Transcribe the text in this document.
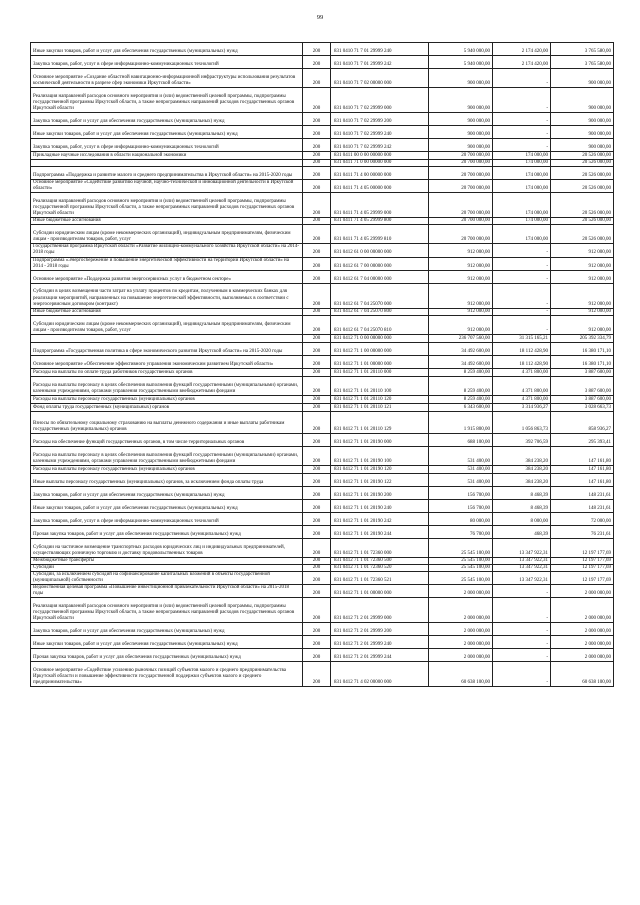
99
Иные закупки товаров, работ и услуг для обеспечения государственных (муниципальных) нужд	200	831 0410 71 7 01 29999 240	5 940 000,00	2 174 420,00	3 765 580,00
Закупка товаров, работ, услуг в сфере информационно-коммуникационных технологий	200	831 0410 71 7 01 29999 242	5 940 000,00	2 174 420,00	3 765 580,00
Основное мероприятие «Создание областной навигационно-информационной инфраструктуры использования результатов космической деятельности в разрезе сфер экономики Иркутской области»	200	831 0410 71 7 02 00000 000	900 000,00	-	900 000,00
Реализация направлений расходов основного мероприятия и (или) ведомственной целевой программы, подпрограммы государственной программы Иркутской области, а также непрограммных направлений расходов государственных органов Иркутской области	200	831 0410 71 7 02 29999 000	900 000,00	-	900 000,00
Закупка товаров, работ и услуг для обеспечения государственных (муниципальных) нужд	200	831 0410 71 7 02 29999 200	900 000,00	-	900 000,00
Иные закупки товаров, работ и услуг для обеспечения государственных (муниципальных) нужд	200	831 0410 71 7 02 29999 240	900 000,00	-	900 000,00
Закупка товаров, работ, услуг в сфере информационно-коммуникационных технологий	200	831 0410 71 7 02 29999 242	900 000,00	-	900 000,00
Прикладные научные исследования в области национальной экономики	200	831 0411 00 0 00 00000 000	20 700 000,00	174 000,00	20 526 000,00
	200	831 0411 71 0 00 00000 000	20 700 000,00	174 000,00	20 526 000,00
Подпрограмма «Поддержка и развитие малого и среднего предпринимательства в Иркутской области» на 2015-2020 годы	200	831 0411 71 4 00 00000 000	20 700 000,00	174 000,00	20 526 000,00
Основное мероприятие «Содействие развитию научной, научно-технической и инновационной деятельности в Иркутской области»	200	831 0411 71 4 05 00000 000	20 700 000,00	174 000,00	20 526 000,00
Реализация направлений расходов основного мероприятия и (или) ведомственной целевой программы, подпрограммы государственной программы Иркутской области, а также непрограммных направлений расходов государственных органов Иркутской области	200	831 0411 71 4 05 29999 000	20 700 000,00	174 000,00	20 526 000,00
Иные бюджетные ассигнования	200	831 0411 71 4 05 29999 800	20 700 000,00	174 000,00	20 526 000,00
Субсидии юридическим лицам (кроме некоммерческих организаций), индивидуальным предпринимателям, физическим лицам - производителям товаров, работ, услуг	200	831 0411 71 4 05 29999 810	20 700 000,00	174 000,00	20 526 000,00
Государственная программа Иркутской области «Развитие жилищно-коммунального хозяйства Иркутской области» на 2014-2018 годы	200	831 0412 61 0 00 00000 000	912 000,00	-	912 000,00
Подпрограмма «Энергосбережение и повышение энергетической эффективности на территории Иркутской области» на 2014 - 2018 годы	200	831 0412 61 7 00 00000 000	912 000,00	-	912 000,00
Основное мероприятие «Поддержка развития энергосервисных услуг в бюджетном секторе»	200	831 0412 61 7 04 00000 000	912 000,00	-	912 000,00
Субсидии в целях возмещения части затрат на уплату процентов по кредитам, полученным в коммерческих банках для реализации мероприятий, направленных на повышение энергетической эффективности, выполняемых в соответствии с энергосервисным договором (контракт)	200	831 0412 61 7 04 25070 000	912 000,00	-	912 000,00
Иные бюджетные ассигнования	200	831 0412 61 7 04 25070 800	912 000,00	-	912 000,00
Субсидии юридическим лицам (кроме некоммерческих организаций), индивидуальным предпринимателям, физическим лицам - производителям товаров, работ, услуг	200	831 0412 61 7 04 25070 810	912 000,00	-	912 000,00
	200	831 0412 71 0 00 00000 000	236 707 560,00	31 315 165,21	205 392 334,79
Подпрограмма «Государственная политика в сфере экономического развития Иркутской области» на 2015-2020 годы	200	831 0412 71 1 00 00000 000	34 492 600,00	18 112 428,90	16 380 171,10
Основное мероприятие «Обеспечение эффективного управления экономическим развитием Иркутской области»	200	831 0412 71 1 01 00000 000	34 492 600,00	18 112 428,90	16 380 171,10
Расходы на выплаты по оплате труда работников государственных органов	200	831 0412 71 1 01 20110 000	8 259 400,00	4 371 800,00	3 887 600,00
Расходы на выплаты персоналу в целях обеспечения выполнения функций государственными (муниципальными) органами, казенными учреждениями, органами управления государственными внебюджетными фондами	200	831 0412 71 1 01 20110 100	8 259 400,00	4 371 800,00	3 887 600,00
Расходы на выплаты персоналу государственных (муниципальных) органов	200	831 0412 71 1 01 20110 120	8 259 400,00	4 371 800,00	3 887 600,00
Фонд оплаты труда государственных (муниципальных) органов	200	831 0412 71 1 01 20110 121	6 343 600,00	3 314 936,27	3 028 663,73
Взносы по обязательному социальному страхованию на выплаты денежного содержания и иные выплаты работникам государственных (муниципальных) органов	200	831 0412 71 1 01 20110 129	1 915 800,00	1 056 863,73	858 936,27
Расходы на обеспечение функций государственных органов, в том числе территориальных органов	200	831 0412 71 1 01 20190 000	688 100,00	392 706,59	295 393,41
Расходы на выплаты персоналу в целях обеспечения выполнения функций государственными (муниципальными) органами, казенными учреждениями, органами управления государственными внебюджетными фондами	200	831 0412 71 1 01 20190 100	531 400,00	384 238,20	147 161,80
Расходы на выплаты персоналу государственных (муниципальных) органов	200	831 0412 71 1 01 20190 120	531 400,00	384 238,20	147 161,80
Иные выплаты персоналу государственных (муниципальных) органов, за исключением фонда оплаты труда	200	831 0412 71 1 01 20190 122	531 400,00	384 238,20	147 161,80
Закупка товаров, работ и услуг для обеспечения государственных (муниципальных) нужд	200	831 0412 71 1 01 20190 200	156 700,00	8 468,39	148 231,61
Иные закупки товаров, работ и услуг для обеспечения государственных (муниципальных) нужд	200	831 0412 71 1 01 20190 240	156 700,00	8 468,39	148 231,61
Закупка товаров, работ, услуг в сфере информационно-коммуникационных технологий	200	831 0412 71 1 01 20190 242	80 000,00	8 000,00	72 000,00
Прочая закупка товаров, работ и услуг для обеспечения государственных (муниципальных) нужд	200	831 0412 71 1 01 20190 244	76 700,00	468,39	76 231,61
Субсидии на частичное возмещение транспортных расходов юридических лиц и индивидуальных предпринимателей, осуществляющих розничную торговлю и доставку продовольственных товаров	200	831 0412 71 1 01 72360 000	25 545 100,00	13 347 922,31	12 197 177,69
Межбюджетные трансферты	200	831 0412 71 1 01 72360 500	25 545 100,00	13 347 922,31	12 197 177,69
Субсидии	200	831 0412 71 1 01 72360 520	25 545 100,00	13 347 922,31	12 197 177,69
Субсидии, за исключением субсидий на софинансирование капитальных вложений в объекты государственной (муниципальной) собственности	200	831 0412 71 1 01 72360 521	25 545 100,00	13 347 922,31	12 197 177,69
Ведомственная целевая программа «Повышение инвестиционной привлекательности Иркутской области» на 2015-2018 годы	200	831 0412 71 1 01 00000 000	2 000 000,00	-	2 000 000,00
Реализация направлений расходов основного мероприятия и (или) ведомственной целевой программы, подпрограммы государственной программы Иркутской области, а также непрограммных направлений расходов государственных органов Иркутской области	200	831 0412 71 2 01 29999 000	2 000 000,00	-	2 000 000,00
Закупка товаров, работ и услуг для обеспечения государственных (муниципальных) нужд	200	831 0412 71 2 01 29999 200	2 000 000,00	-	2 000 000,00
Иные закупки товаров, работ и услуг для обеспечения государственных (муниципальных) нужд	200	831 0412 71 2 01 29999 240	2 000 000,00	-	2 000 000,00
Прочая закупка товаров, работ и услуг для обеспечения государственных (муниципальных) нужд	200	831 0412 71 2 01 29999 244	2 000 000,00	-	2 000 000,00
Основное мероприятие «Содействие усилению рыночных позиций субъектов малого и среднего предпринимательства Иркутской области и повышение эффективности государственной поддержки субъектов малого и среднего предпринимательства»	200	831 0412 71 4 02 00000 000	60 638 100,00	-	60 638 100,00
